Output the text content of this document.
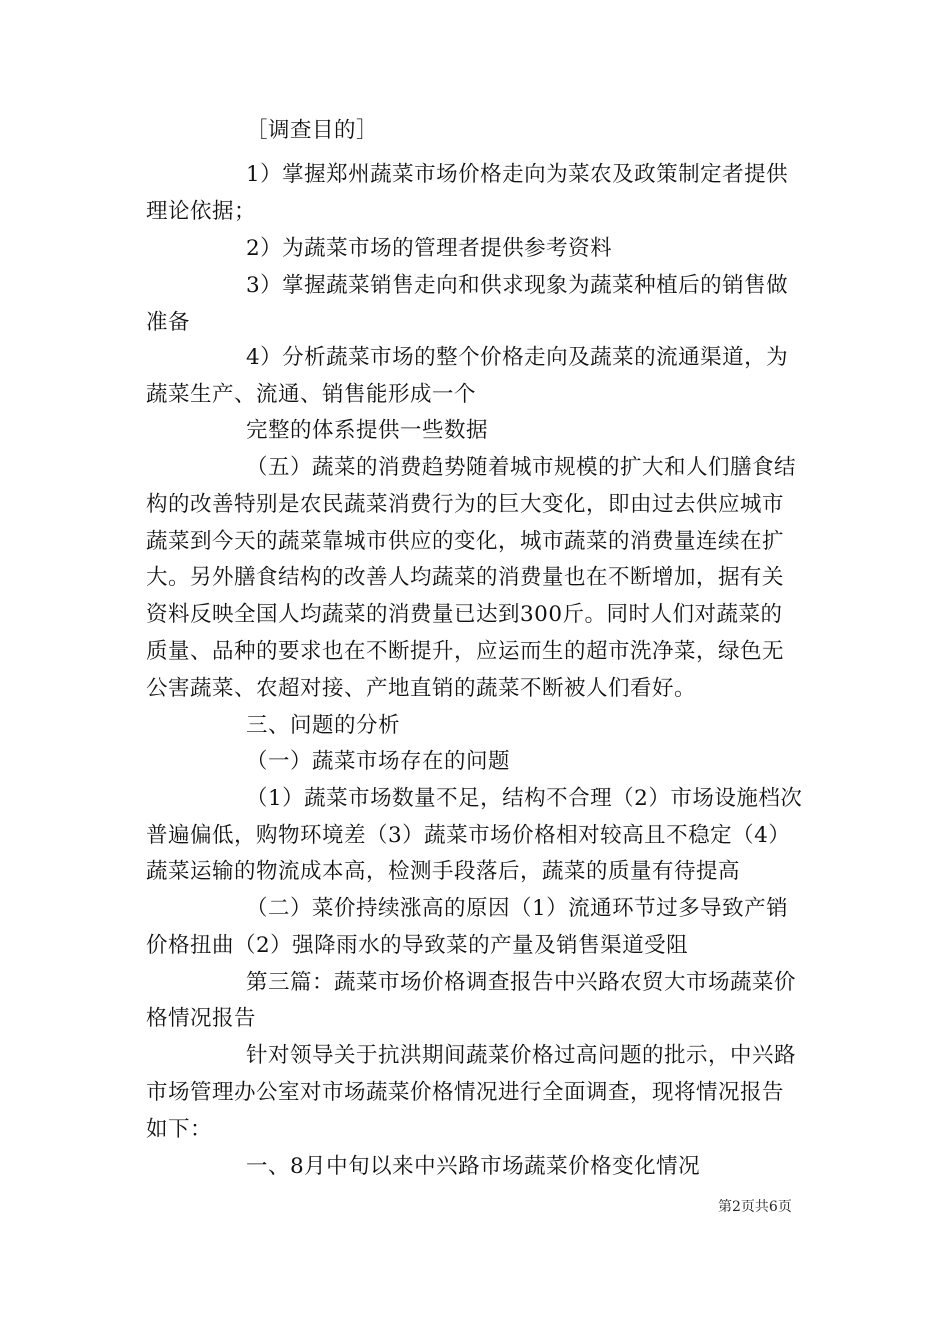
［调查目的］
1）掌握郑州蔬菜市场价格走向为菜农及政策制定者提供
理论依据；
2）为蔬菜市场的管理者提供参考资料
3）掌握蔬菜销售走向和供求现象为蔬菜种植后的销售做
准备
4）分析蔬菜市场的整个价格走向及蔬菜的流通渠道，为
蔬菜生产、流通、销售能形成一个
完整的体系提供一些数据
（五）蔬菜的消费趋势随着城市规模的扩大和人们膳食结
构的改善特别是农民蔬菜消费行为的巨大变化，即由过去供应城市
蔬菜到今天的蔬菜靠城市供应的变化，城市蔬菜的消费量连续在扩
大。另外膳食结构的改善人均蔬菜的消费量也在不断增加，据有关
资料反映全国人均蔬菜的消费量已达到300斤。同时人们对蔬菜的
质量、品种的要求也在不断提升，应运而生的超市洗净菜，绿色无
公害蔬菜、农超对接、产地直销的蔬菜不断被人们看好。
三、问题的分析
（一）蔬菜市场存在的问题
（1）蔬菜市场数量不足，结构不合理（2）市场设施档次
普遍偏低，购物环境差（3）蔬菜市场价格相对较高且不稳定（4）
蔬菜运输的物流成本高，检测手段落后，蔬菜的质量有待提高
（二）菜价持续涨高的原因（1）流通环节过多导致产销
价格扭曲（2）强降雨水的导致菜的产量及销售渠道受阻
第三篇：蔬菜市场价格调查报告中兴路农贸大市场蔬菜价
格情况报告
针对领导关于抗洪期间蔬菜价格过高问题的批示，中兴路
市场管理办公室对市场蔬菜价格情况进行全面调查，现将情况报告
如下：
一、8月中旬以来中兴路市场蔬菜价格变化情况
第2页共6页
